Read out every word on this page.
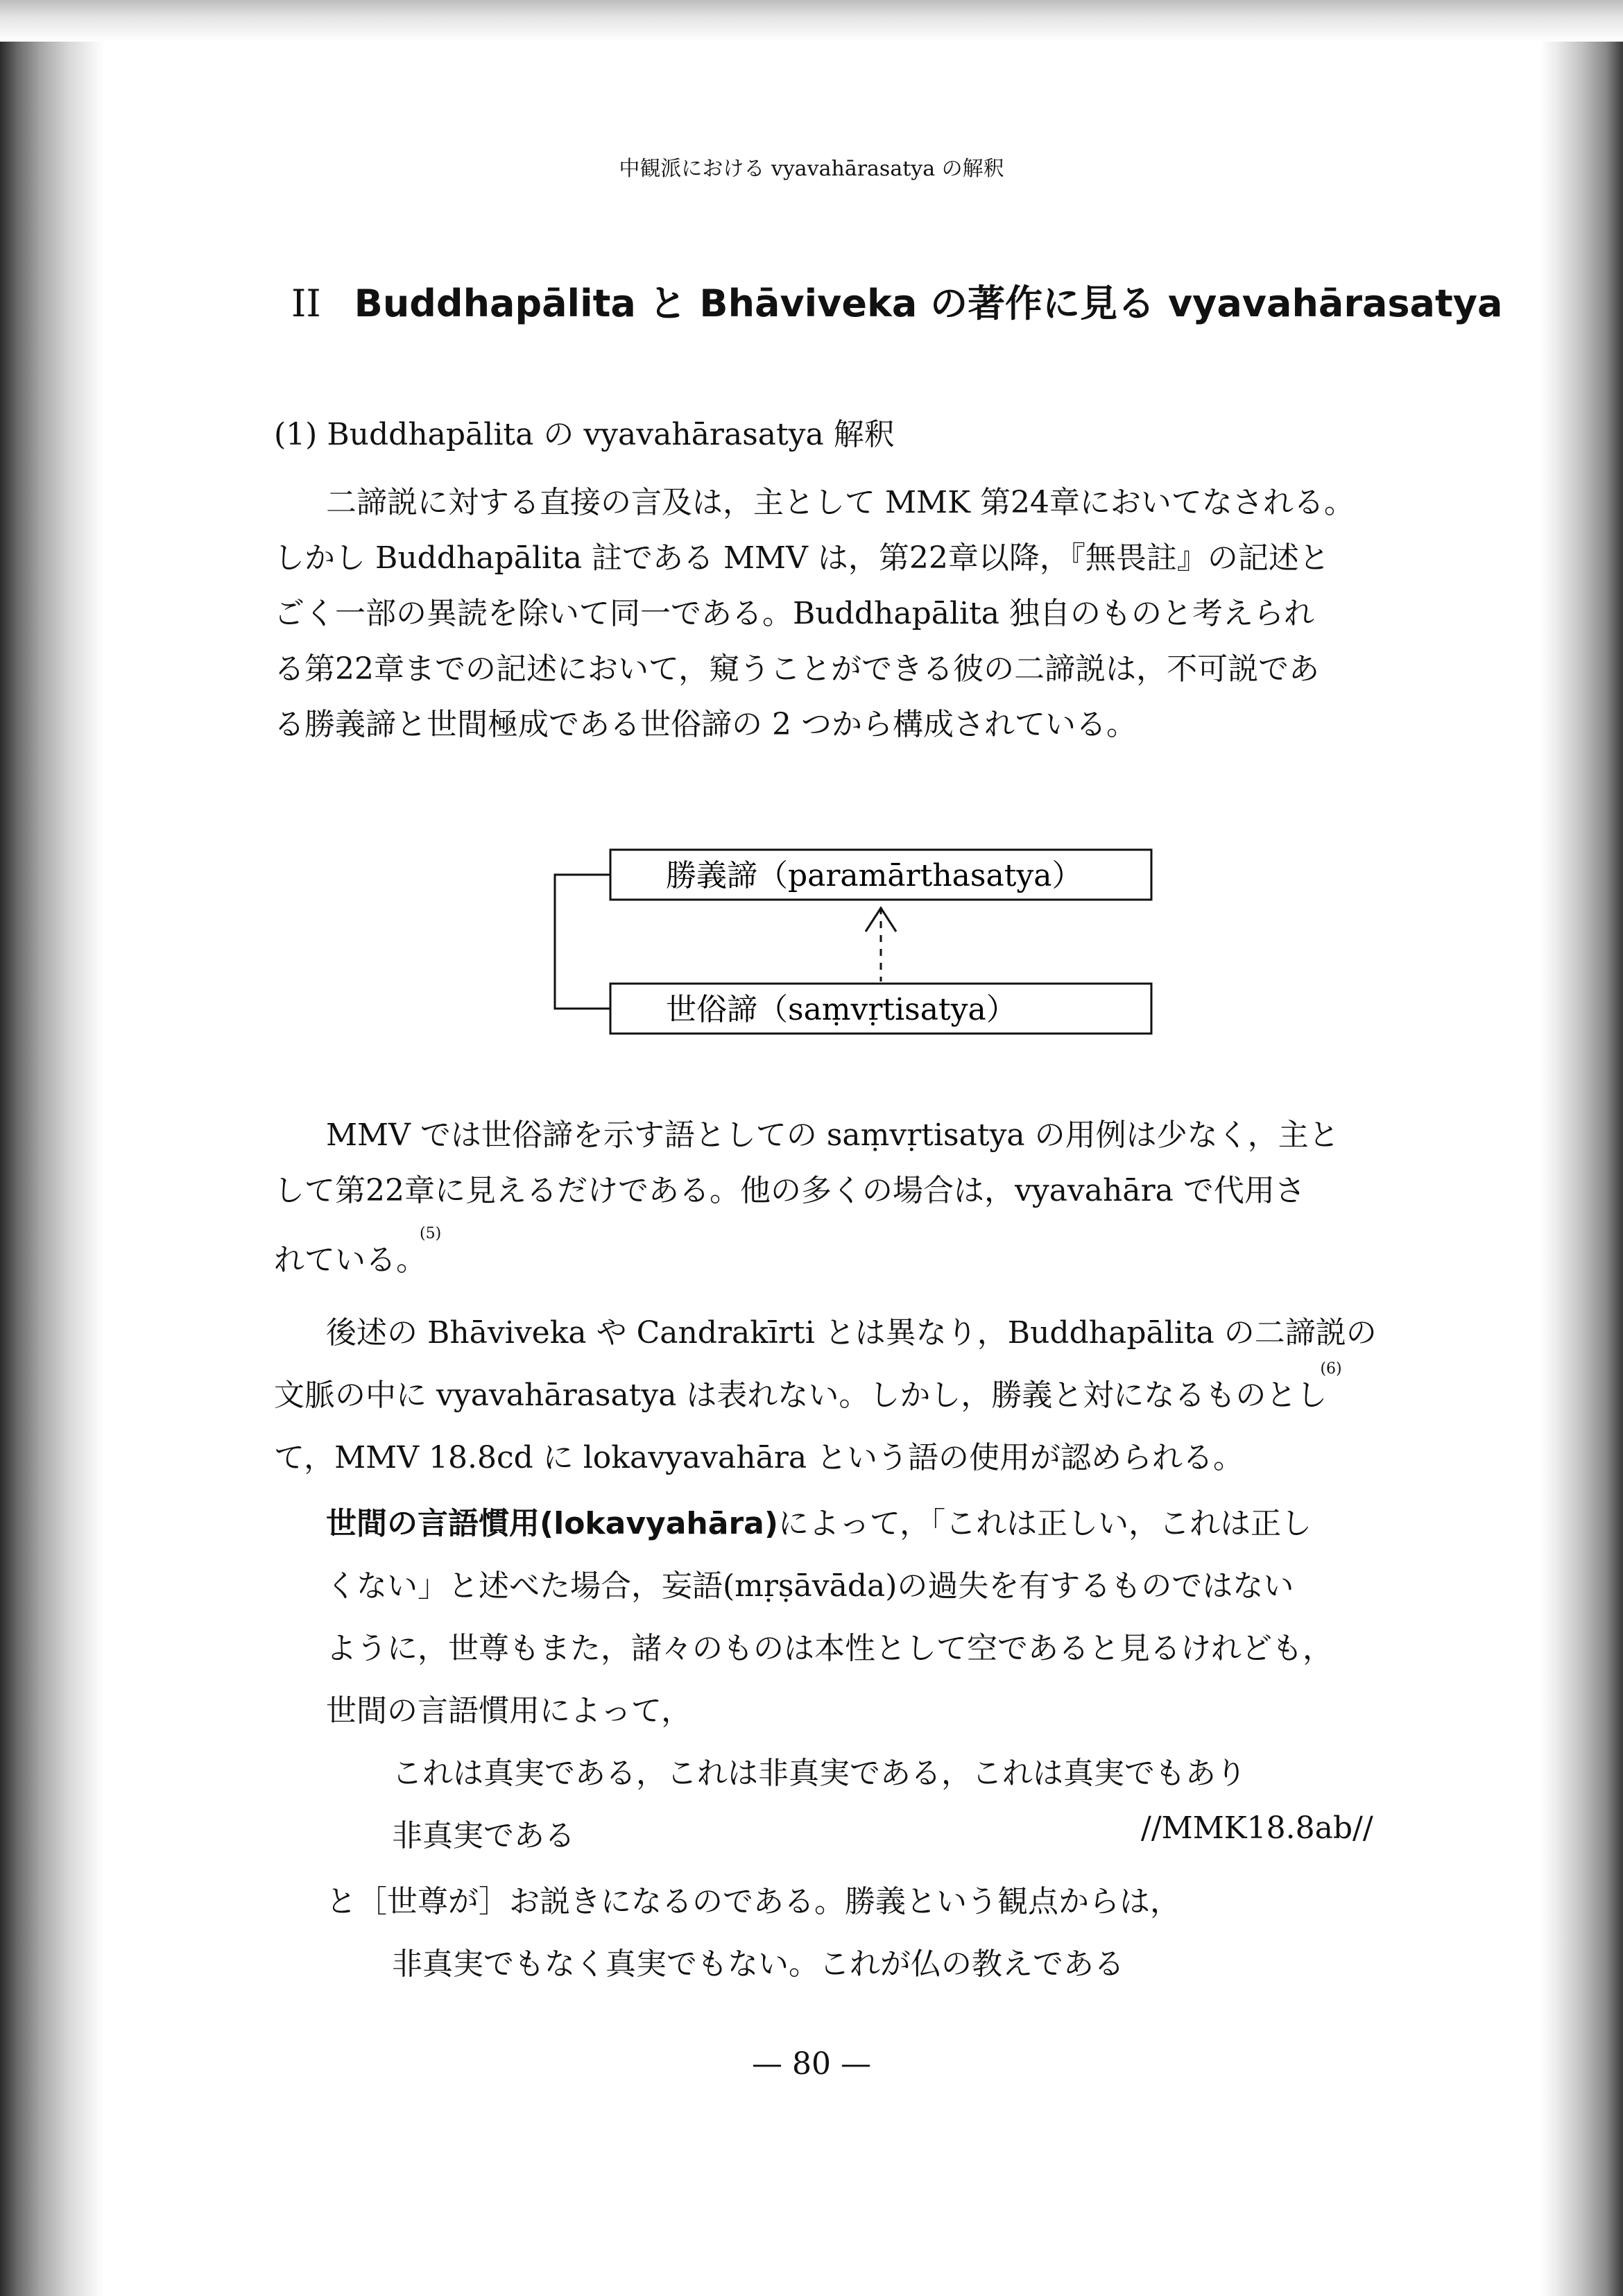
中観派における vyavahārasatya の解釈
II Buddhapālita と Bhāviveka の著作に見る vyavahārasatya
(1) Buddhapālita の vyavahārasatya 解釈
二諦説に対する直接の言及は，主として MMK 第24章においてなされる。
しかし Buddhapālita 註である MMV は，第22章以降，『無畏註』の記述と
ごく一部の異読を除いて同一である。Buddhapālita 独自のものと考えられ
る第22章までの記述において，窺うことができる彼の二諦説は，不可説であ
る勝義諦と世間極成である世俗諦の 2 つから構成されている。
勝義諦（paramārthasatya）
世俗諦（saṃvṛtisatya）
MMV では世俗諦を示す語としての saṃvṛtisatya の用例は少なく，主と
して第22章に見えるだけである。他の多くの場合は，vyavahāra で代用さ
れている。$^{(5)}$
後述の Bhāviveka や Candrakīrti とは異なり，Buddhapālita の二諦説の
文脈の中に vyavahārasatya は表れない。しかし，勝義と対になるものとし$^{(6)}$
て，MMV 18.8cd に lokavyavahāra という語の使用が認められる。
世間の言語慣用(lokavyahāra)によって，「これは正しい，これは正し
くない」と述べた場合，妄語(mṛṣāvāda)の過失を有するものではない
ように，世尊もまた，諸々のものは本性として空であると見るけれども，
世間の言語慣用によって，
これは真実である，これは非真実である，これは真実でもあり
非真実である	//MMK18.8ab//
と［世尊が］お説きになるのである。勝義という観点からは，
非真実でもなく真実でもない。これが仏の教えである
— 80 —
